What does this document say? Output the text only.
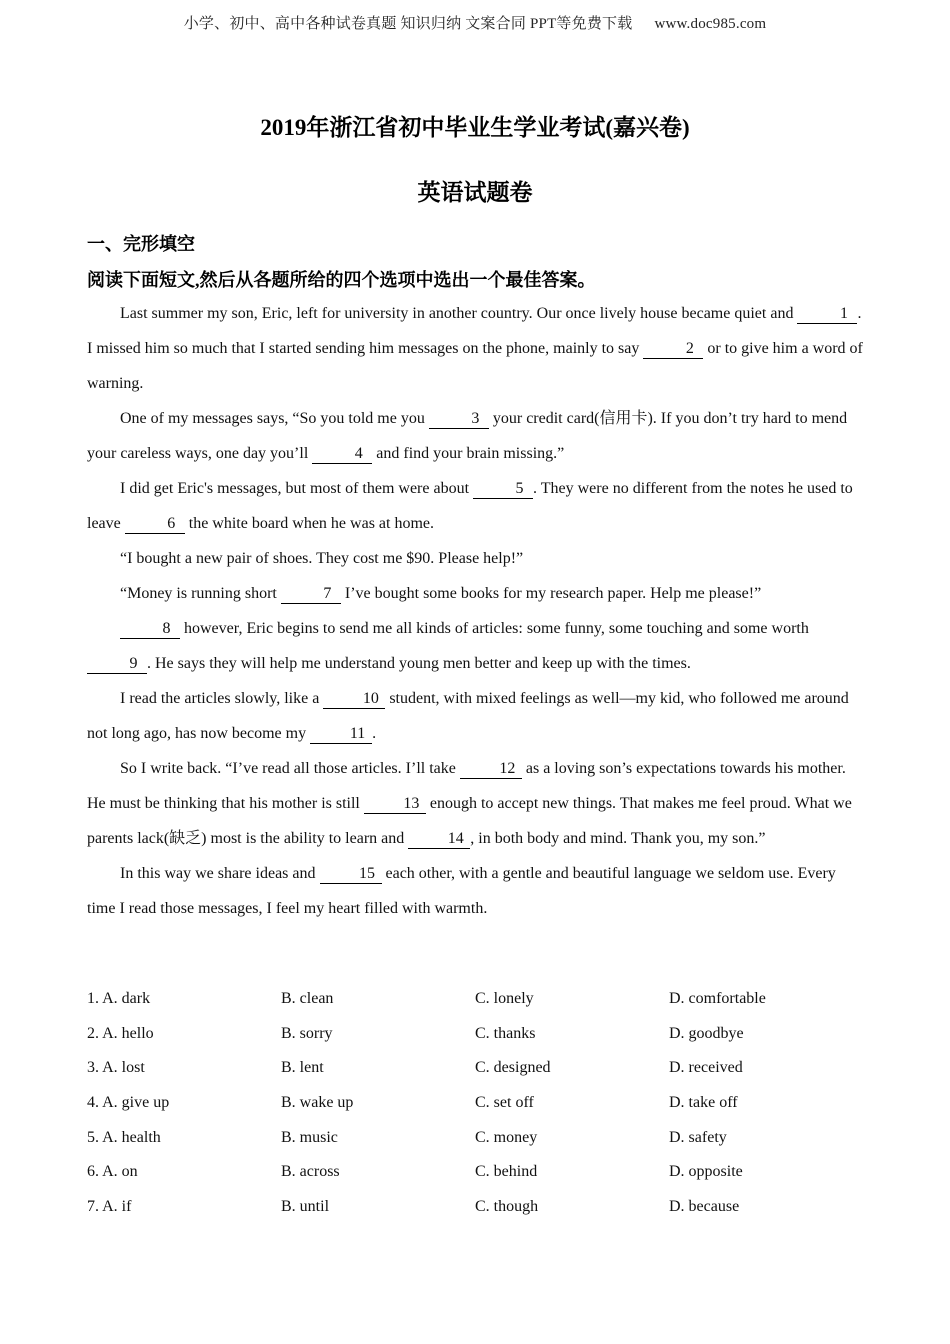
小学、初中、高中各种试卷真题 知识归纳 文案合同 PPT等免费下载 www.doc985.com
2019年浙江省初中毕业生学业考试(嘉兴卷)
英语试题卷
一、完形填空
阅读下面短文,然后从各题所给的四个选项中选出一个最佳答案。

Last summer my son, Eric, left for university in another country. Our once lively house became quiet and	1 . I missed him so much that I started sending him messages on the phone, mainly to say	2 or to give him a word of warning.

One of my messages says, “So you told me you	3 your credit card(信用卡). If you don’t try hard to mend your careless ways, one day you’ll	4 and find your brain missing.”

I did get Eric's messages, but most of them were about	5 . They were no different from the notes he used to leave	6 the white board when he was at home.

“I bought a new pair of shoes. They cost me $90. Please help!”

“Money is running short	7 I’ve bought some books for my research paper. Help me please!”

8 however, Eric begins to send me all kinds of articles: some funny, some touching and some worth 9 . He says they will help me understand young men better and keep up with the times.

I read the articles slowly, like a 10 student, with mixed feelings as well—my kid, who followed me around not long ago, has now become my 11 .

So I write back. “I’ve read all those articles. I’ll take 12 as a loving son’s expectations towards his mother. He must be thinking that his mother is still 13 enough to accept new things. That makes me feel proud. What we parents lack(缺乏) most is the ability to learn and 14 , in both body and mind. Thank you, my son.”

In this way we share ideas and 15 each other, with a gentle and beautiful language we seldom use. Every time I read those messages, I feel my heart filled with warmth.

1. A. dark	B. clean	C. lonely	D. comfortable
2. A. hello	B. sorry	C. thanks	D. goodbye
3. A. lost	B. lent	C. designed	D. received
4. A. give up	B. wake up	C. set off	D. take off
5. A. health	B. music	C. money	D. safety
6. A. on	B. across	C. behind	D. opposite
7. A. if	B. until	C. though	D. because
